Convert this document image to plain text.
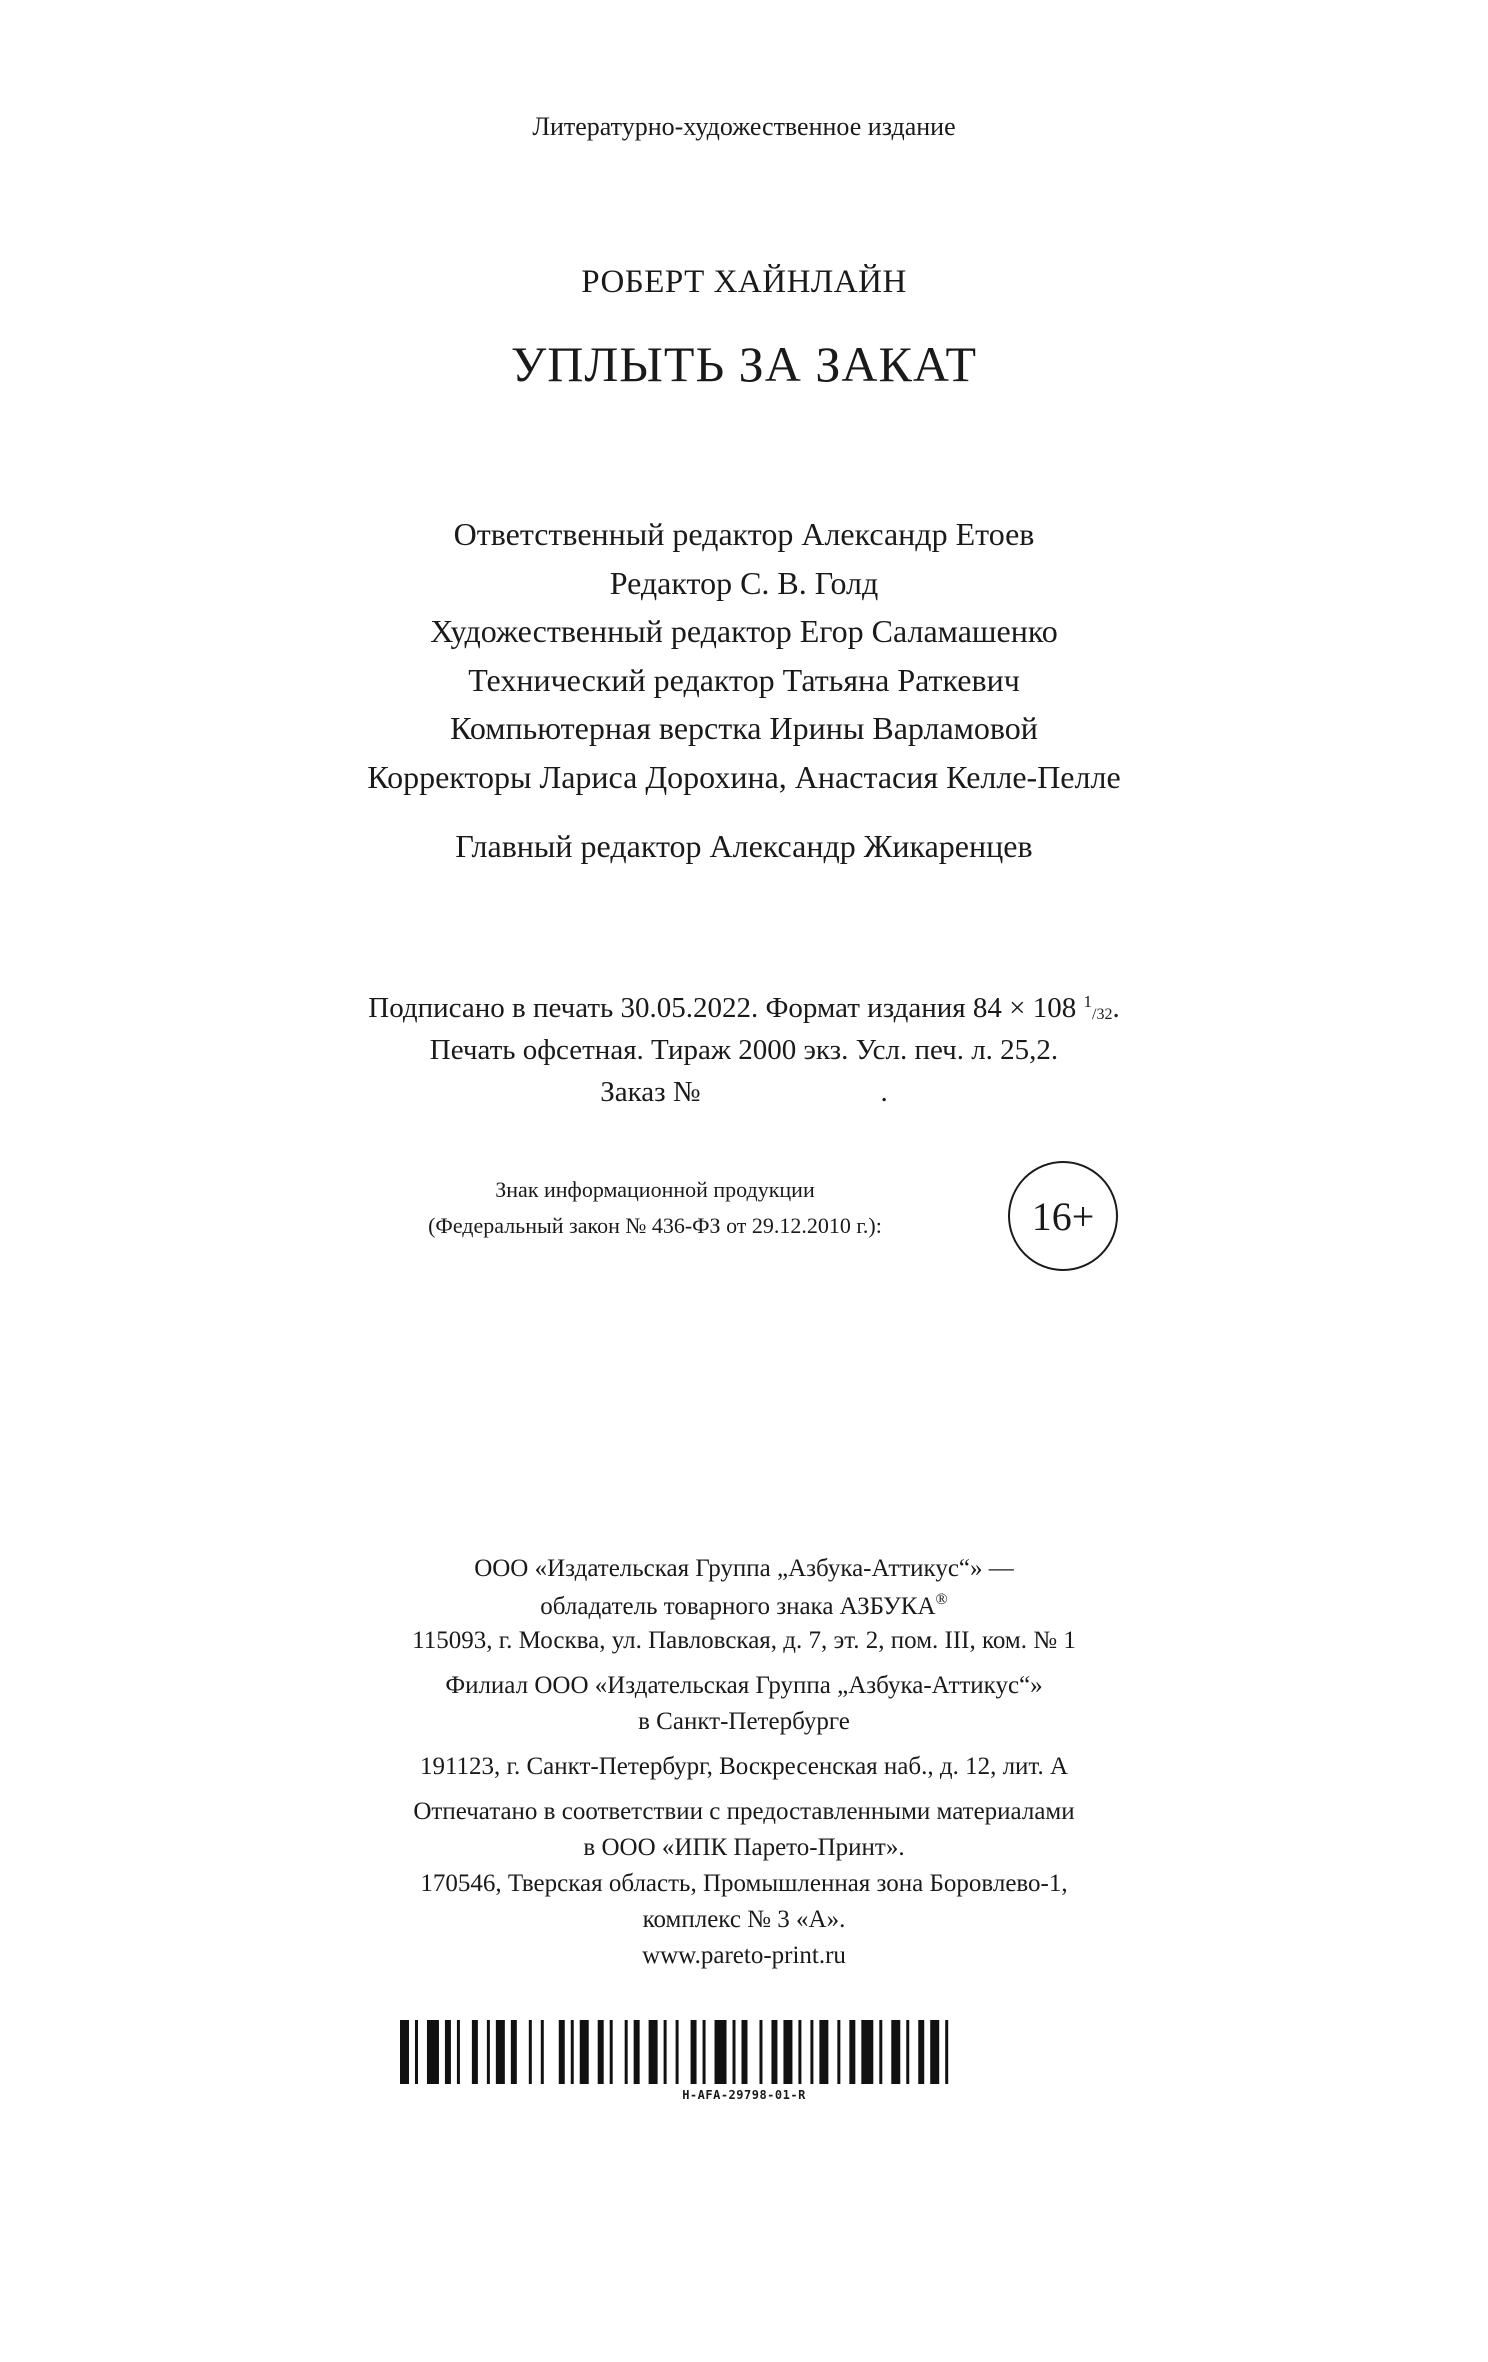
Литературно-художественное издание
РОБЕРТ ХАЙНЛАЙН
УПЛЫТЬ ЗА ЗАКАТ
Ответственный редактор Александр Етоев
Редактор С. В. Голд
Художественный редактор Егор Саламашенко
Технический редактор Татьяна Раткевич
Компьютерная верстка Ирины Варламовой
Корректоры Лариса Дорохина, Анастасия Келле-Пелле
Главный редактор Александр Жикаренцев
Подписано в печать 30.05.2022. Формат издания 84 × 108 $^1$/32.
Печать офсетная. Тираж 2000 экз. Усл. печ. л. 25,2.
Заказ №	.
Знак информационной продукции
(Федеральный закон № 436-ФЗ от 29.12.2010 г.):	16+
ООО «Издательская Группа „Азбука-Аттикус“» —
обладатель товарного знака АЗБУКА®
115093, г. Москва, ул. Павловская, д. 7, эт. 2, пом. III, ком. № 1
Филиал ООО «Издательская Группа „Азбука-Аттикус“»
в Санкт-Петербурге
191123, г. Санкт-Петербург, Воскресенская наб., д. 12, лит. А
Отпечатано в соответствии с предоставленными материалами
в ООО «ИПК Парето-Принт».
170546, Тверская область, Промышленная зона Боровлево-1,
комплекс № 3 «А».
www.pareto-print.ru
H-AFA-29798-01-R
